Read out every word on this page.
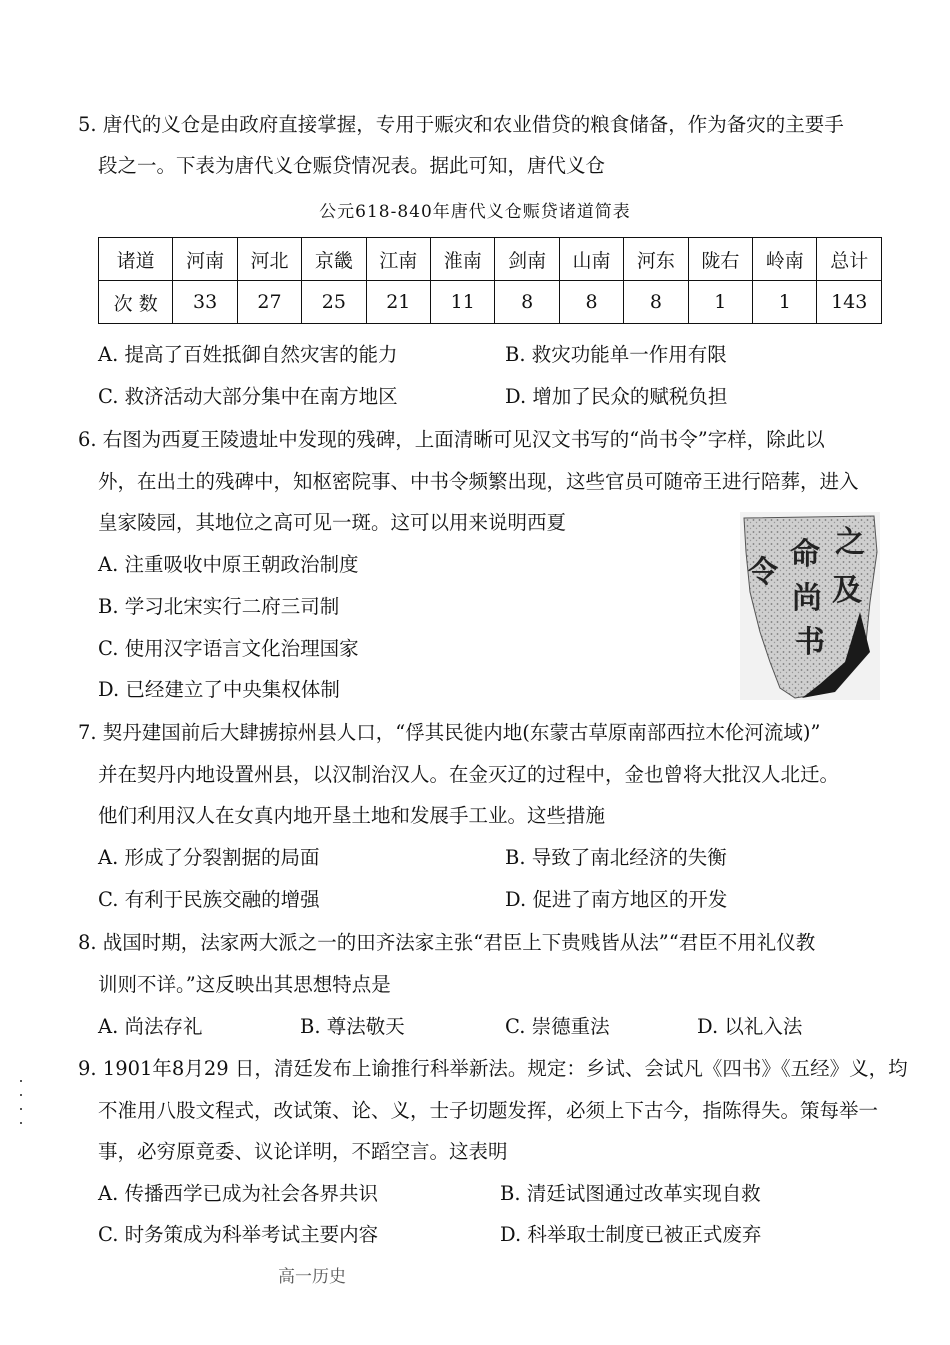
5. 唐代的义仓是由政府直接掌握，专用于赈灾和农业借贷的粮食储备，作为备灾的主要手
段之一。下表为唐代义仓赈贷情况表。据此可知，唐代义仓
公元618-840年唐代义仓赈贷诸道简表
诸道	河南	河北	京畿	江南	淮南	剑南	山南	河东	陇右	岭南	总计
次 数	33	27	25	21	11	8	8	8	1	1	143
A. 提高了百姓抵御自然灾害的能力	B. 救灾功能单一作用有限
C. 救济活动大部分集中在南方地区	D. 增加了民众的赋税负担
6. 右图为西夏王陵遗址中发现的残碑，上面清晰可见汉文书写的“尚书令”字样，除此以
外，在出土的残碑中，知枢密院事、中书令频繁出现，这些官员可随帝王进行陪葬，进入
皇家陵园，其地位之高可见一斑。这可以用来说明西夏
A. 注重吸收中原王朝政治制度
B. 学习北宋实行二府三司制
C. 使用汉字语言文化治理国家
D. 已经建立了中央集权体制
之
及
命
尚
书
令
7. 契丹建国前后大肆掳掠州县人口，“俘其民徙内地(东蒙古草原南部西拉木伦河流域)”
并在契丹内地设置州县，以汉制治汉人。在金灭辽的过程中，金也曾将大批汉人北迁。
他们利用汉人在女真内地开垦土地和发展手工业。这些措施
A. 形成了分裂割据的局面	B. 导致了南北经济的失衡
C. 有利于民族交融的增强	D. 促进了南方地区的开发
8. 战国时期，法家两大派之一的田齐法家主张“君臣上下贵贱皆从法”“君臣不用礼仪教
训则不详。”这反映出其思想特点是
A. 尚法存礼	B. 尊法敬天	C. 崇德重法	D. 以礼入法
9. 1901年8月29 日，清廷发布上谕推行科举新法。规定：乡试、会试凡《四书》《五经》义，均
不准用八股文程式，改试策、论、义，士子切题发挥，必须上下古今，指陈得失。策每举一
事，必穷原竟委、议论详明，不蹈空言。这表明
A. 传播西学已成为社会各界共识	B. 清廷试图通过改革实现自救
C. 时务策成为科举考试主要内容	D. 科举取士制度已被正式废弃
高一历史
